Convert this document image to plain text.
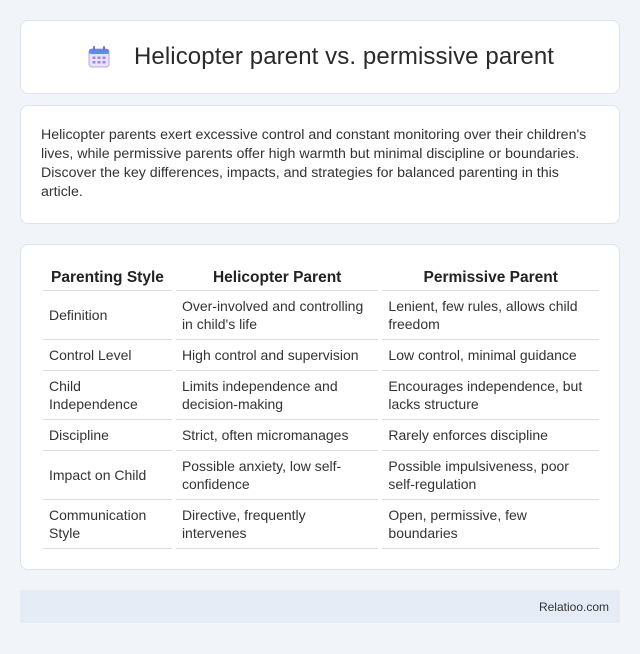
Helicopter parent vs. permissive parent

Helicopter parents exert excessive control and constant monitoring over their children's lives, while permissive parents offer high warmth but minimal discipline or boundaries. Discover the key differences, impacts, and strategies for balanced parenting in this article.

Parenting Style		Helicopter Parent		Permissive Parent
Definition		Over-involved and controlling in child's life		Lenient, few rules, allows child freedom
Control Level		High control and supervision		Low control, minimal guidance
Child Independence		Limits independence and decision-making		Encourages independence, but lacks structure
Discipline		Strict, often micromanages		Rarely enforces discipline
Impact on Child		Possible anxiety, low self-confidence		Possible impulsiveness, poor self-regulation
Communication Style		Directive, frequently intervenes		Open, permissive, few boundaries
Relatioo.com
